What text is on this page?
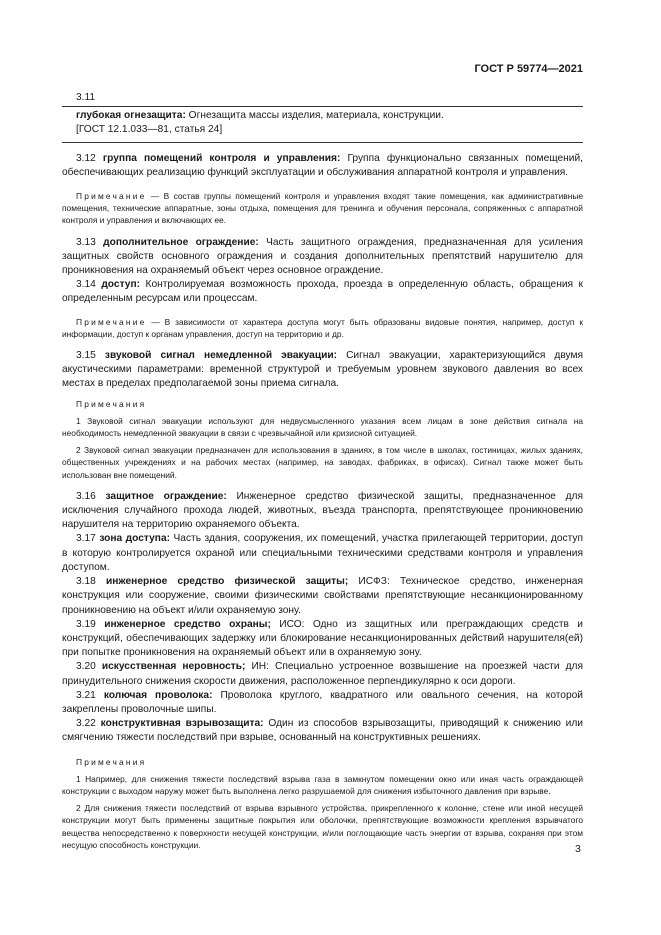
ГОСТ Р 59774—2021

3.11

глубокая огнезащита: Огнезащита массы изделия, материала, конструкции.

[ГОСТ 12.1.033—81, статья 24]

3.12 группа помещений контроля и управления: Группа функционально связанных помещений, обеспечивающих реализацию функций эксплуатации и обслуживания аппаратной контроля и управления.

Примечание — В состав группы помещений контроля и управления входят такие помещения, как административные помещения, технические аппаратные, зоны отдыха, помещения для тренинга и обучения персонала, сопряженных с аппаратной контроля и управления и включающих ее.

3.13 дополнительное ограждение: Часть защитного ограждения, предназначенная для усиления защитных свойств основного ограждения и создания дополнительных препятствий нарушителю для проникновения на охраняемый объект через основное ограждение.

3.14 доступ: Контролируемая возможность прохода, проезда в определенную область, обращения к определенным ресурсам или процессам.

Примечание — В зависимости от характера доступа могут быть образованы видовые понятия, например, доступ к информации, доступ к органам управления, доступ на территорию и др.

3.15 звуковой сигнал немедленной эвакуации: Сигнал эвакуации, характеризующийся двумя акустическими параметрами: временной структурой и требуемым уровнем звукового давления во всех местах в пределах предполагаемой зоны приема сигнала.

Примечания

1 Звуковой сигнал эвакуации используют для недвусмысленного указания всем лицам в зоне действия сигнала на необходимость немедленной эвакуации в связи с чрезвычайной или кризисной ситуацией.

2 Звуковой сигнал эвакуации предназначен для использования в зданиях, в том числе в школах, гостиницах, жилых зданиях, общественных учреждениях и на рабочих местах (например, на заводах, фабриках, в офисах). Сигнал также может быть использован вне помещений.

3.16 защитное ограждение: Инженерное средство физической защиты, предназначенное для исключения случайного прохода людей, животных, въезда транспорта, препятствующее проникновению нарушителя на территорию охраняемого объекта.

3.17 зона доступа: Часть здания, сооружения, их помещений, участка прилегающей территории, доступ в которую контролируется охраной или специальными техническими средствами контроля и управления доступом.

3.18 инженерное средство физической защиты; ИСФЗ: Техническое средство, инженерная конструкция или сооружение, своими физическими свойствами препятствующие несанкционированному проникновению на объект и/или охраняемую зону.

3.19 инженерное средство охраны; ИСО: Одно из защитных или преграждающих средств и конструкций, обеспечивающих задержку или блокирование несанкционированных действий нарушителя(ей) при попытке проникновения на охраняемый объект или в охраняемую зону.

3.20 искусственная неровность; ИН: Специально устроенное возвышение на проезжей части для принудительного снижения скорости движения, расположенное перпендикулярно к оси дороги.

3.21 колючая проволока: Проволока круглого, квадратного или овального сечения, на которой закреплены проволочные шипы.

3.22 конструктивная взрывозащита: Один из способов взрывозащиты, приводящий к снижению или смягчению тяжести последствий при взрыве, основанный на конструктивных решениях.

Примечания

1 Например, для снижения тяжести последствий взрыва газа в замкнутом помещении окно или иная часть ограждающей конструкции с выходом наружу может быть выполнена легко разрушаемой для снижения избыточного давления при взрыве.

2 Для снижения тяжести последствий от взрыва взрывного устройства, прикрепленного к колонне, стене или иной несущей конструкции могут быть применены защитные покрытия или оболочки, препятствующие возможности крепления взрывчатого вещества непосредственно к поверхности несущей конструкции, и/или поглощающие часть энергии от взрыва, сохраняя при этом несущую способность конструкции.	3
